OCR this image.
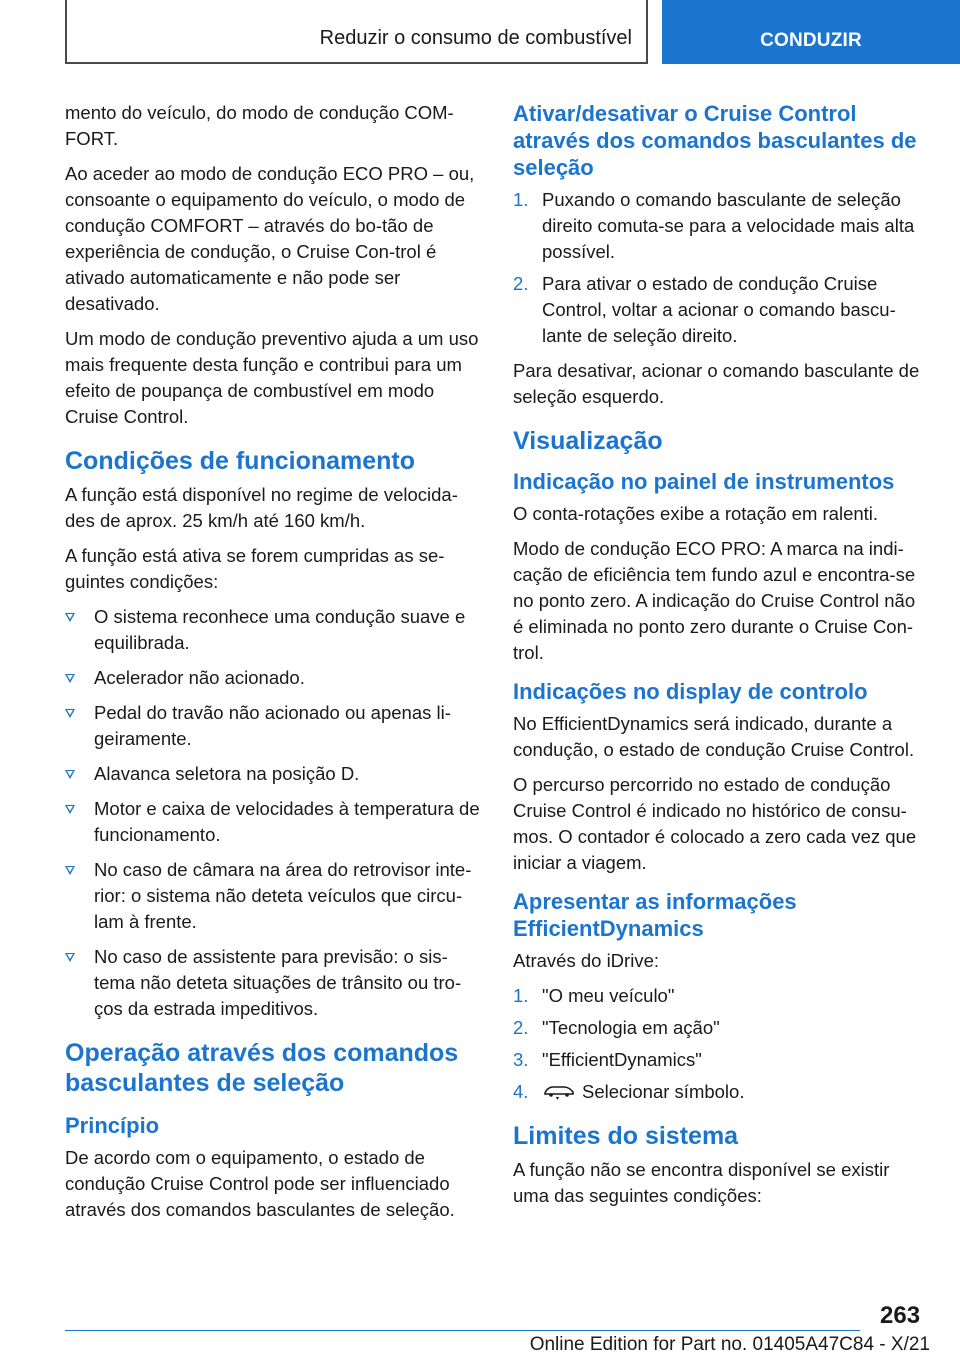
Reduzir o consumo de combustível	CONDUZIR

mento do veículo, do modo de condução COM-FORT.

Ao aceder ao modo de condução ECO PRO – ou, consoante o equipamento do veículo, o modo de condução COMFORT – através do bo-tão de experiência de condução, o Cruise Con-trol é ativado automaticamente e não pode ser desativado.

Um modo de condução preventivo ajuda a um uso mais frequente desta função e contribui para um efeito de poupança de combustível em modo Cruise Control.

Condições de funcionamento

A função está disponível no regime de velocida-des de aprox. 25 km/h até 160 km/h.

A função está ativa se forem cumpridas as se-guintes condições:

O sistema reconhece uma condução suave e equilibrada.
Acelerador não acionado.
Pedal do travão não acionado ou apenas li-geiramente.
Alavanca seletora na posição D.
Motor e caixa de velocidades à temperatura de funcionamento.
No caso de câmara na área do retrovisor inte-rior: o sistema não deteta veículos que circu-lam à frente.
No caso de assistente para previsão: o sis-tema não deteta situações de trânsito ou tro-ços da estrada impeditivos.
Operação através dos comandos basculantes de seleção
Princípio

De acordo com o equipamento, o estado de condução Cruise Control pode ser influenciado através dos comandos basculantes de seleção.

Ativar/desativar o Cruise Control através dos comandos basculantes de seleção
1. Puxando o comando basculante de seleção direito comuta-se para a velocidade mais alta possível.
2. Para ativar o estado de condução Cruise Control, voltar a acionar o comando bascu-lante de seleção direito.

Para desativar, acionar o comando basculante de seleção esquerdo.

Visualização
Indicação no painel de instrumentos

O conta-rotações exibe a rotação em ralenti.

Modo de condução ECO PRO: A marca na indi-cação de eficiência tem fundo azul e encontra-se no ponto zero. A indicação do Cruise Control não é eliminada no ponto zero durante o Cruise Con-trol.

Indicações no display de controlo

No EfficientDynamics será indicado, durante a condução, o estado de condução Cruise Control.

O percurso percorrido no estado de condução Cruise Control é indicado no histórico de consu-mos. O contador é colocado a zero cada vez que iniciar a viagem.

Apresentar as informações EfficientDynamics

Através do iDrive:

1. "O meu veículo"
2. "Tecnologia em ação"
3. "EfficientDynamics"
4.	Selecionar símbolo.
Limites do sistema

A função não se encontra disponível se existir uma das seguintes condições:

263
Online Edition for Part no. 01405A47C84 - X/21
